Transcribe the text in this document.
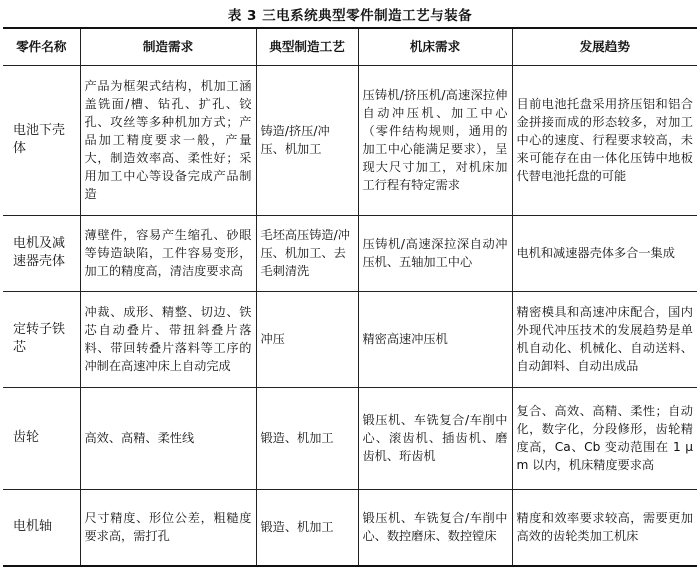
表 3 三电系统典型零件制造工艺与装备
零件名称	制造需求	典型制造工艺	机床需求	发展趋势
电池下壳体	产品为框架式结构，机加工涵盖铣面/槽、钻孔、扩孔、铰孔、攻丝等多种机加方式；产品加工精度要求一般，产量大，制造效率高、柔性好；采用加工中心等设备完成产品制造	铸造/挤压/冲压、机加工	压铸机/挤压机/高速深拉伸自动冲压机、加工中心（零件结构规则，通用的加工中心能满足要求），呈现大尺寸加工，对机床加工行程有特定需求	目前电池托盘采用挤压铝和铝合金拼接而成的形态较多，对加工中心的速度、行程要求较高，未来可能存在由一体化压铸中地板代替电池托盘的可能
电机及减速器壳体	薄壁件，容易产生缩孔、砂眼等铸造缺陷，工件容易变形，加工的精度高，清洁度要求高	毛坯高压铸造/冲压、机加工、去毛刺清洗	压铸机/高速深拉深自动冲压机、五轴加工中心	电机和减速器壳体多合一集成
定转子铁芯	冲裁、成形、精整、切边、铁芯自动叠片、带扭斜叠片落料、带回转叠片落料等工序的冲制在高速冲床上自动完成	冲压	精密高速冲压机	精密模具和高速冲床配合，国内外现代冲压技术的发展趋势是单机自动化、机械化、自动送料、自动卸料、自动出成品
齿轮	高效、高精、柔性线	锻造、机加工	锻压机、车铣复合/车削中心、滚齿机、插齿机、磨齿机、珩齿机	复合、高效、高精、柔性；自动化，数字化，分段修形，齿轮精度高，Ca、Cb 变动范围在 1 μm 以内，机床精度要求高
电机轴	尺寸精度、形位公差，粗糙度要求高，需打孔	锻造、机加工	锻压机、车铣复合/车削中心、数控磨床、数控镗床	精度和效率要求较高，需要更加高效的齿轮类加工机床
